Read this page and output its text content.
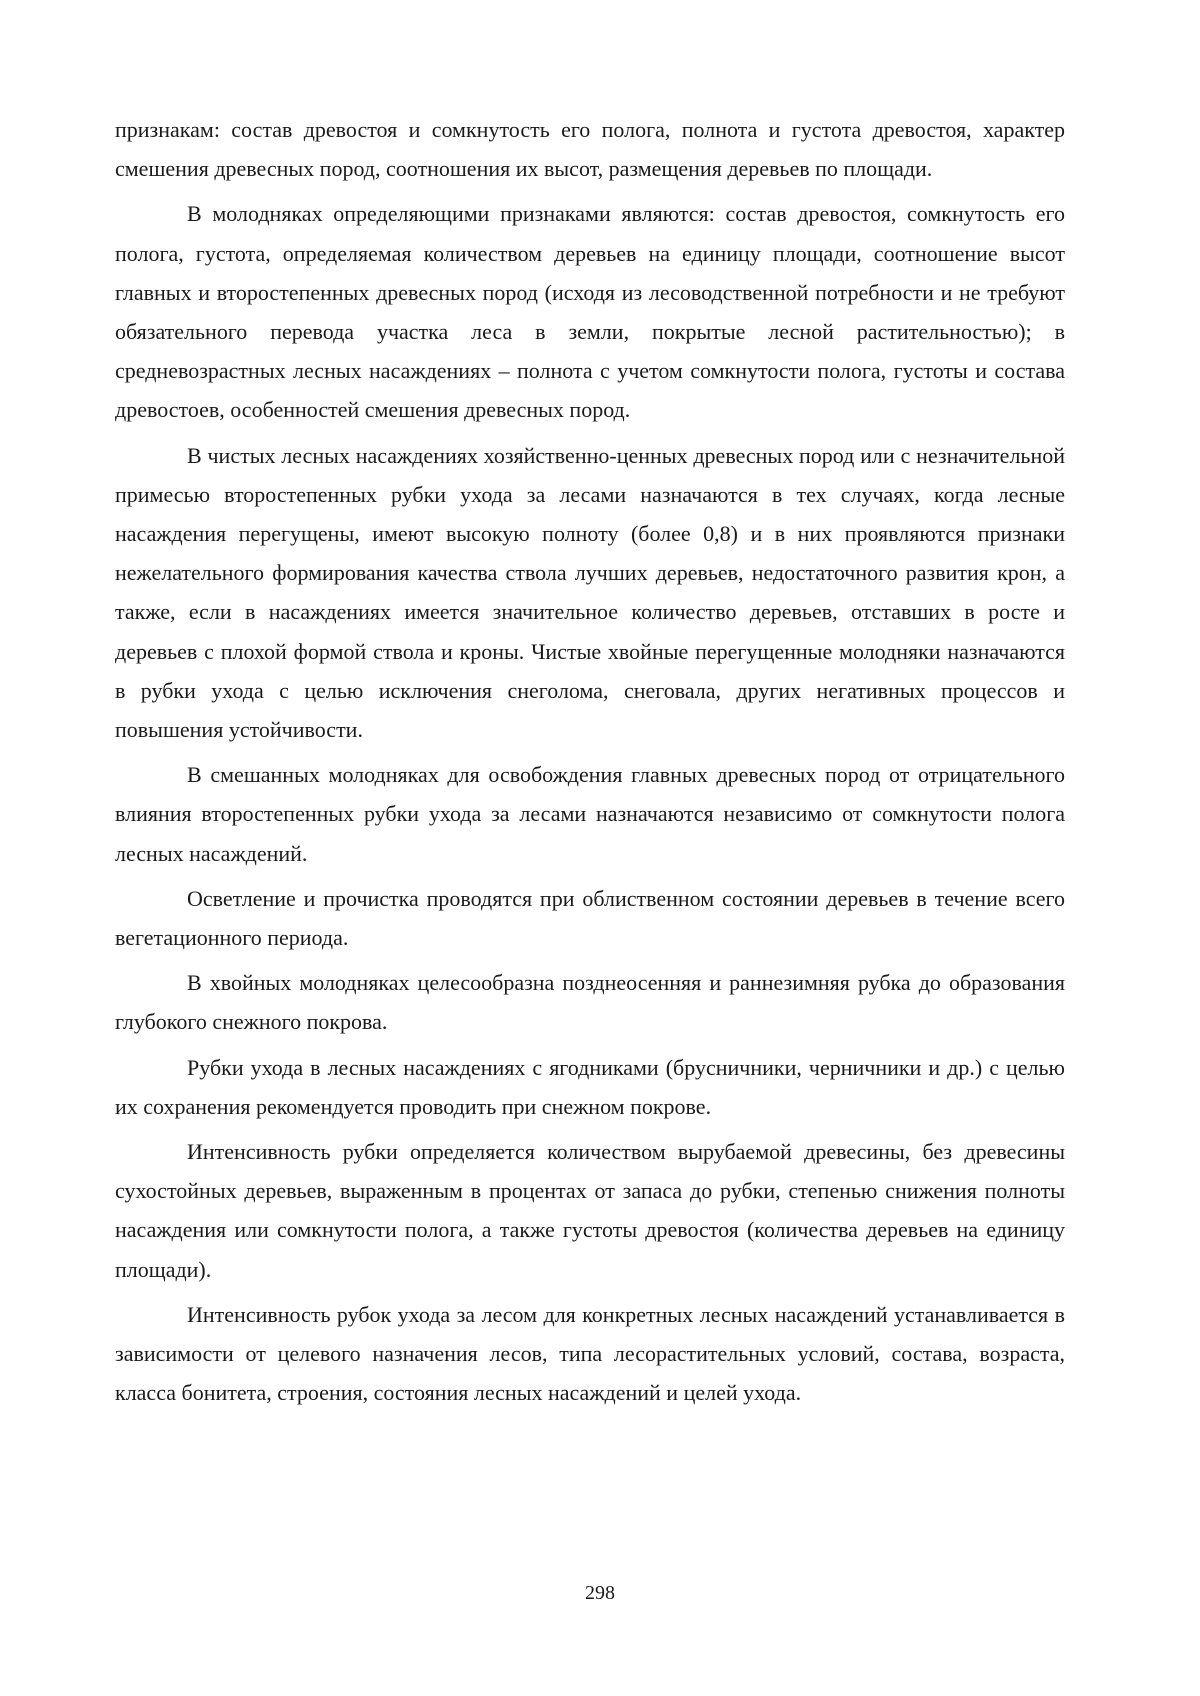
признакам: состав древостоя и сомкнутость его полога, полнота и густота древостоя, характер смешения древесных пород, соотношения их высот, размещения деревьев по площади.

В молодняках определяющими признаками являются: состав древостоя, сомкнутость его полога, густота, определяемая количеством деревьев на единицу площади, соотношение высот главных и второстепенных древесных пород (исходя из лесоводственной потребности и не требуют обязательного перевода участка леса в земли, покрытые лесной растительностью); в средневозрастных лесных насаждениях – полнота с учетом сомкнутости полога, густоты и состава древостоев, особенностей смешения древесных пород.

В чистых лесных насаждениях хозяйственно-ценных древесных пород или с незначительной примесью второстепенных рубки ухода за лесами назначаются в тех случаях, когда лесные насаждения перегущены, имеют высокую полноту (более 0,8) и в них проявляются признаки нежелательного формирования качества ствола лучших деревьев, недостаточного развития крон, а также, если в насаждениях имеется значительное количество деревьев, отставших в росте и деревьев с плохой формой ствола и кроны. Чистые хвойные перегущенные молодняки назначаются в рубки ухода с целью исключения снеголома, снеговала, других негативных процессов и повышения устойчивости.

В смешанных молодняках для освобождения главных древесных пород от отрицательного влияния второстепенных рубки ухода за лесами назначаются независимо от сомкнутости полога лесных насаждений.

Осветление и прочистка проводятся при облиственном состоянии деревьев в течение всего вегетационного периода.

В хвойных молодняках целесообразна позднеосенняя и раннезимняя рубка до образования глубокого снежного покрова.

Рубки ухода в лесных насаждениях с ягодниками (брусничники, черничники и др.) с целью их сохранения рекомендуется проводить при снежном покрове.

Интенсивность рубки определяется количеством вырубаемой древесины, без древесины сухостойных деревьев, выраженным в процентах от запаса до рубки, степенью снижения полноты насаждения или сомкнутости полога, а также густоты древостоя (количества деревьев на единицу площади).

Интенсивность рубок ухода за лесом для конкретных лесных насаждений устанавливается в зависимости от целевого назначения лесов, типа лесорастительных условий, состава, возраста, класса бонитета, строения, состояния лесных насаждений и целей ухода.

298
